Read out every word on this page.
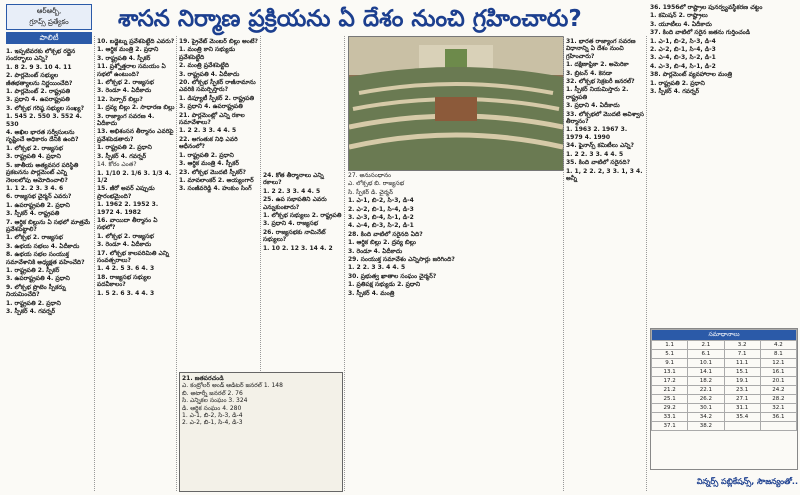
ఆర్ఆర్బీ,
గ్రూప్స్ ప్రత్యేకం
పాలిటీ
శాసన నిర్మాణ ప్రక్రియను ఏ దేశం నుంచి గ్రహించారు?

1. ఇప్పటివరకు లోక్సభ రద్దైన సందర్భాలు ఎన్ని?

1. 8 2. 9 3. 10 4. 11

2. పార్లమెంట్ సభ్యుల జీతభత్యాలను నిర్ణయించేది?

1. పార్లమెంట్ 2. రాష్ట్రపతి

3. ప్రధాని 4. ఉపరాష్ట్రపతి

3. లోక్సభ గరిష్ఠ సభ్యుల సంఖ్య?

1. 545 2. 550 3. 552 4. 530

4. అఖిల భారత సర్వీసులను సృష్టించే అధికారం దేనికి ఉంది?

1. లోక్సభ 2. రాజ్యసభ

3. రాష్ట్రపతి 4. ప్రధాని

5. జాతీయ అత్యవసర పరిస్థితి ప్రకటనను పార్లమెంట్ ఎన్ని నెలలలోపు ఆమోదించాలి?

1. 1 2. 2 3. 3 4. 6

6. రాజ్యసభ చైర్మన్ ఎవరు?

1. ఉపరాష్ట్రపతి 2. ప్రధాని

3. స్పీకర్ 4. రాష్ట్రపతి

7. ఆర్థిక బిల్లును ఏ సభలో మాత్రమే ప్రవేశపెట్టాలి?

1. లోక్సభ 2. రాజ్యసభ

3. ఉభయ సభలు 4. ఏదీకాదు

8. ఉభయ సభల సంయుక్త సమావేశానికి అధ్యక్షత వహించేది?

1. రాష్ట్రపతి 2. స్పీకర్

3. ఉపరాష్ట్రపతి 4. ప్రధాని

9. లోక్సభ ప్రొటెం స్పీకర్ను నియమించేది?

1. రాష్ట్రపతి 2. ప్రధాని

3. స్పీకర్ 4. గవర్నర్

10. బడ్జెట్ను ప్రవేశపెట్టేది ఎవరు?

1. ఆర్థిక మంత్రి 2. ప్రధాని

3. రాష్ట్రపతి 4. స్పీకర్

11. ప్రశ్నోత్తరాల సమయం ఏ సభలో ఉంటుంది?

1. లోక్సభ 2. రాజ్యసభ

3. రెండూ 4. ఏదీకాదు

12. సెన్సార్ బిల్లు?

1. ద్రవ్య బిల్లు 2. సాధారణ బిల్లు

3. రాజ్యాంగ సవరణ 4. ఏదీకాదు

13. అభిశంసన తీర్మానం ఎవరిపై ప్రవేశపెడతారు?

1. రాష్ట్రపతి 2. ప్రధాని

3. స్పీకర్ 4. గవర్నర్

14. కోరం ఎంత?

1. 1/10 2. 1/6 3. 1/3 4. 1/2

15. జీరో అవర్ ఎప్పుడు ప్రారంభమైంది?

1. 1962 2. 1952 3. 1972 4. 1982

16. వాయిదా తీర్మానం ఏ సభలో?

1. లోక్సభ 2. రాజ్యసభ

3. రెండూ 4. ఏదీకాదు

17. లోక్సభ కాలపరిమితి ఎన్ని సంవత్సరాలు?

1. 4 2. 5 3. 6 4. 3

18. రాజ్యసభ సభ్యుల పదవీకాలం?

1. 5 2. 6 3. 4 4. 3

19. ప్రైవేట్ మెంబర్ బిల్లు అంటే?

1. మంత్రి కాని సభ్యుడు ప్రవేశపెట్టేది

2. మంత్రి ప్రవేశపెట్టేది

3. రాష్ట్రపతి 4. ఏదీకాదు

20. లోక్సభ స్పీకర్ రాజీనామాను ఎవరికి సమర్పిస్తారు?

1. డిప్యూటీ స్పీకర్ 2. రాష్ట్రపతి

3. ప్రధాని 4. ఉపరాష్ట్రపతి

21. పార్లమెంట్లో ఎన్ని రకాల సమావేశాలు?

1. 2 2. 3 3. 4 4. 5

22. ఆగంతుక నిధి ఎవరి ఆధీనంలో?

1. రాష్ట్రపతి 2. ప్రధాని

3. ఆర్థిక మంత్రి 4. స్పీకర్

23. లోక్సభ మొదటి స్పీకర్?

1. మావలాంకర్ 2. అయ్యంగార్

3. సంజీవరెడ్డి 4. హుకుం సింగ్

24. కోత తీర్మానాలు ఎన్ని రకాలు?

1. 2 2. 3 3. 4 4. 5

25. ఉప సభాపతిని ఎవరు ఎన్నుకుంటారు?

1. లోక్సభ సభ్యులు 2. రాష్ట్రపతి

3. ప్రధాని 4. రాజ్యసభ

26. రాజ్యసభకు నామినేట్ సభ్యులు?

1. 10 2. 12 3. 14 4. 2

27. అనుసంధానం

ఎ. లోక్సభ బి. రాజ్యసభ

సి. స్పీకర్ డి. చైర్మన్

1. ఎ-1, బి-2, సి-3, డి-4

2. ఎ-2, బి-1, సి-4, డి-3

3. ఎ-3, బి-4, సి-1, డి-2

4. ఎ-4, బి-3, సి-2, డి-1

28. కింది వాటిలో సరైనది ఏది?

1. ఆర్థిక బిల్లు 2. ద్రవ్య బిల్లు

3. రెండూ 4. ఏదీకాదు

29. సంయుక్త సమావేశం ఎన్నిసార్లు జరిగింది?

1. 2 2. 3 3. 4 4. 5

30. ప్రభుత్వ ఖాతాల సంఘం చైర్మన్?

1. ప్రతిపక్ష సభ్యుడు 2. ప్రధాని

3. స్పీకర్ 4. మంత్రి

31. భారత రాజ్యాంగ సవరణ విధానాన్ని ఏ దేశం నుంచి గ్రహించారు?

1. దక్షిణాఫ్రికా 2. అమెరికా

3. బ్రిటన్ 4. కెనడా

32. లోక్సభ సెక్రటరీ జనరల్?

1. స్పీకర్ నియమిస్తారు 2. రాష్ట్రపతి

3. ప్రధాని 4. ఏదీకాదు

33. లోక్సభలో మొదటి అవిశ్వాస తీర్మానం?

1. 1963 2. 1967 3. 1979 4. 1990

34. ఫైనాన్స్ కమిటీలు ఎన్ని?

1. 2 2. 3 3. 4 4. 5

35. కింది వాటిలో సరైనది?

1. 1, 2 2. 2, 3 3. 1, 3 4. అన్నీ

36. 1956లో రాష్ట్రాల పునర్వ్యవస్థీకరణ చట్టం

1. కమిషన్ 2. రాష్ట్రాలు

3. యూటీలు 4. ఏదీకాదు

37. కింది వాటిలో సరైన జతను గుర్తించండి

1. ఎ-1, బి-2, సి-3, డి-4

2. ఎ-2, బి-1, సి-4, డి-3

3. ఎ-4, బి-3, సి-2, డి-1

4. ఎ-3, బి-4, సి-1, డి-2

38. పార్లమెంట్ వ్యవహారాల మంత్రి

1. రాష్ట్రపతి 2. ప్రధాని

3. స్పీకర్ 4. గవర్నర్

21. జతపరచండి
ఎ. కంట్రోలర్ అండ్ ఆడిటర్ జనరల్ 1. 148
బి. అటార్నీ జనరల్ 2. 76
సి. ఎన్నికల సంఘం 3. 324
డి. ఆర్థిక సంఘం 4. 280
1. ఎ-1, బి-2, సి-3, డి-4
2. ఎ-2, బి-1, సి-4, డి-3
సమాధానాలు			
1.1	2.1	3.2	4.2
5.1	6.1	7.1	8.1
9.1	10.1	11.1	12.1
13.1	14.1	15.1	16.1
17.2	18.2	19.1	20.1
21.2	22.1	23.1	24.2
25.1	26.2	27.1	28.2
29.2	30.1	31.1	32.1
33.1	34.2	35.4	36.1
37.1	38.2		
విన్నర్స్ పబ్లికేషన్స్, సౌజన్యంతో..
